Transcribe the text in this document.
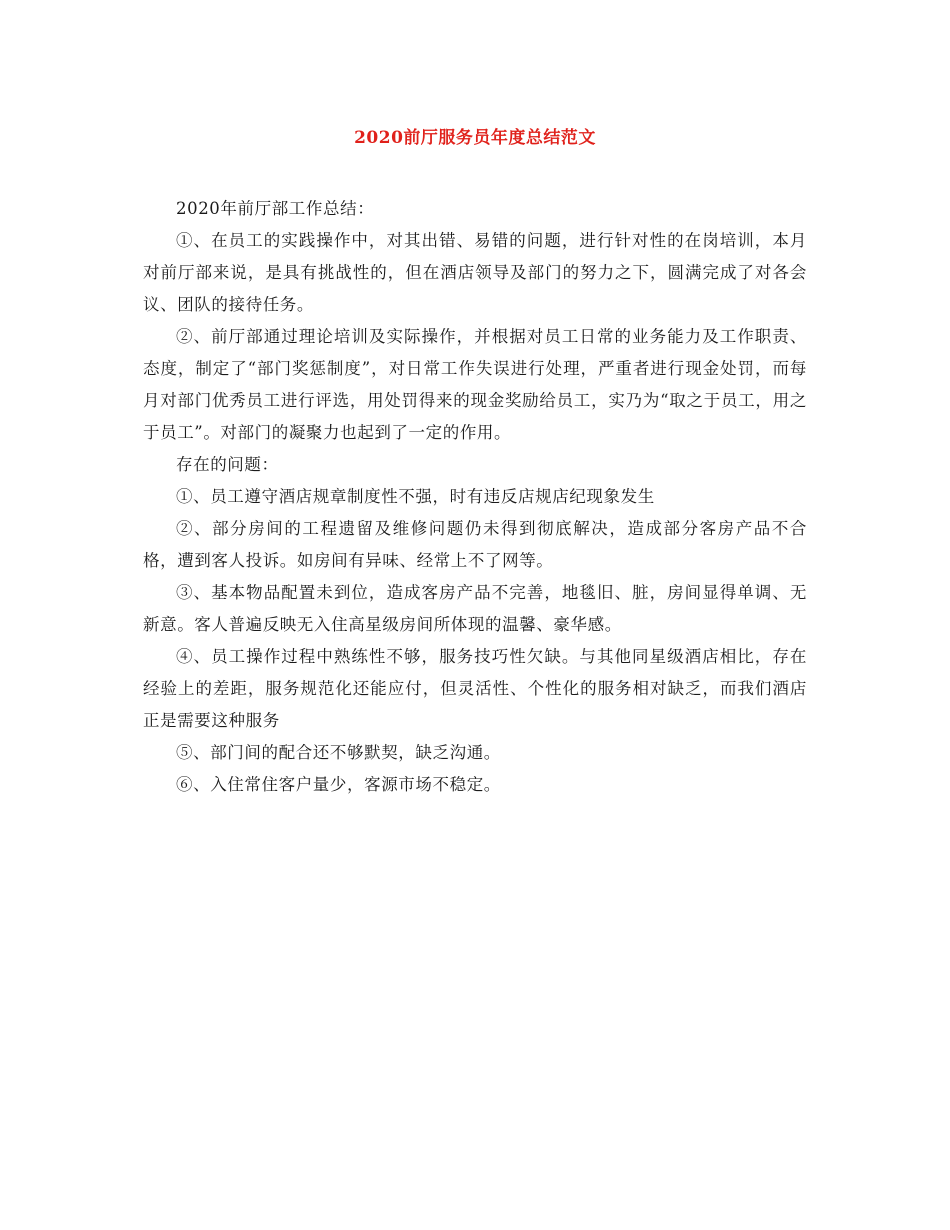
2020前厅服务员年度总结范文

2020年前厅部工作总结：

①、在员工的实践操作中，对其出错、易错的问题，进行针对性的在岗培训，本月对前厅部来说，是具有挑战性的，但在酒店领导及部门的努力之下，圆满完成了对各会议、团队的接待任务。

②、前厅部通过理论培训及实际操作，并根据对员工日常的业务能力及工作职责、态度，制定了“部门奖惩制度”，对日常工作失误进行处理，严重者进行现金处罚，而每月对部门优秀员工进行评选，用处罚得来的现金奖励给员工，实乃为“取之于员工，用之于员工”。对部门的凝聚力也起到了一定的作用。

存在的问题：

①、员工遵守酒店规章制度性不强，时有违反店规店纪现象发生

②、部分房间的工程遗留及维修问题仍未得到彻底解决，造成部分客房产品不合格，遭到客人投诉。如房间有异味、经常上不了网等。

③、基本物品配置未到位，造成客房产品不完善，地毯旧、脏，房间显得单调、无新意。客人普遍反映无入住高星级房间所体现的温馨、豪华感。

④、员工操作过程中熟练性不够，服务技巧性欠缺。与其他同星级酒店相比，存在经验上的差距，服务规范化还能应付，但灵活性、个性化的服务相对缺乏，而我们酒店正是需要这种服务

⑤、部门间的配合还不够默契，缺乏沟通。

⑥、入住常住客户量少，客源市场不稳定。
